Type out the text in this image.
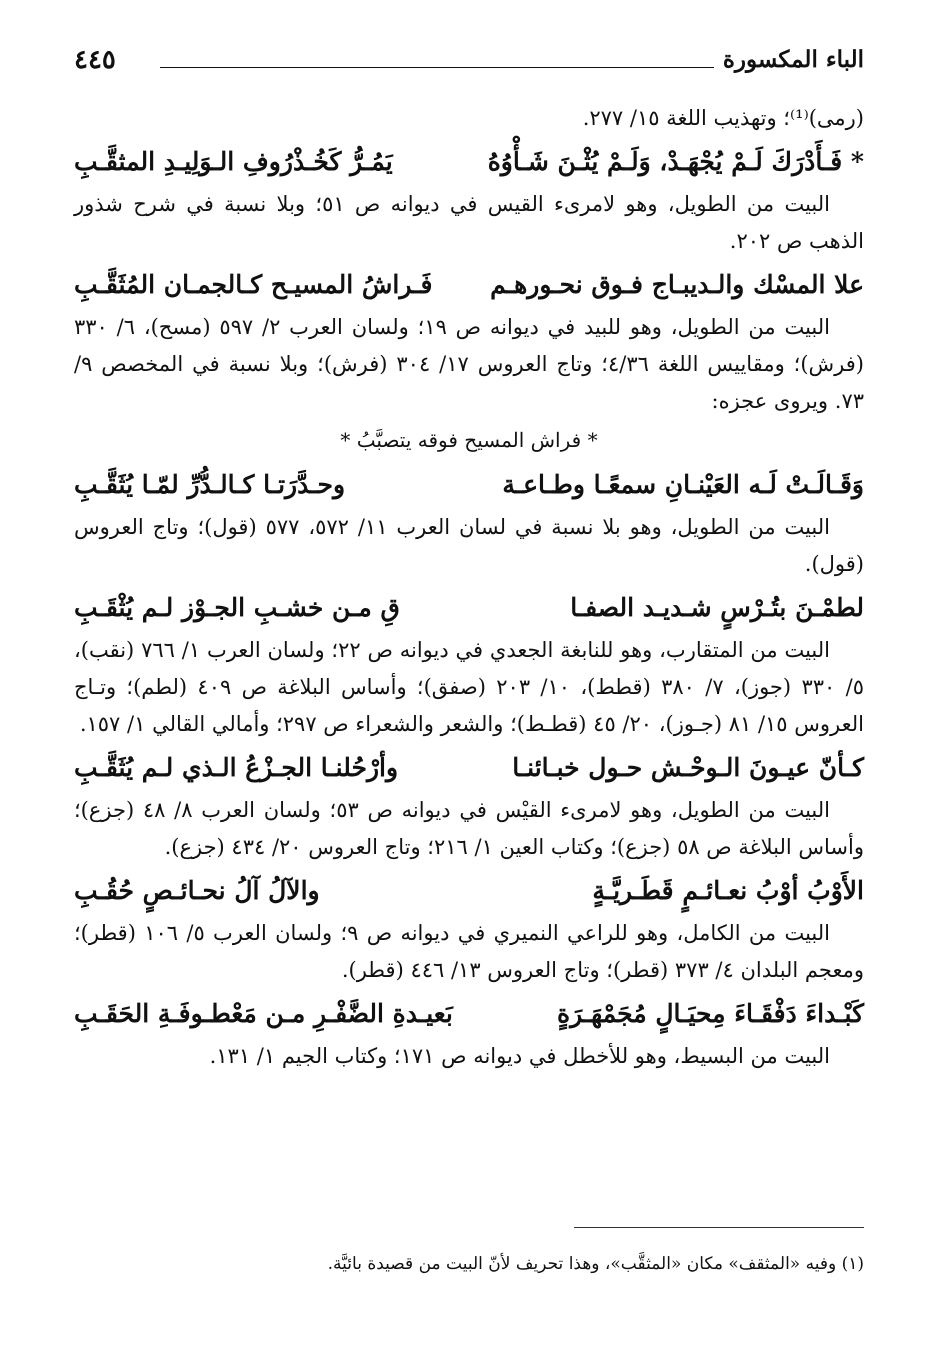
الباء المكسورة
٤٤٥

(رمى)⁽¹⁾؛ وتهذيب اللغة ١٥/ ٢٧٧.

* فَـأَدْرَكَ لَـمْ يُجْهَـدْ، وَلَـمْ يُثْـنَ شَـأْوُهُ
يَمُـرُّ كَخُـذْرُوفِ الـوَلِيـدِ المثقَّـبِ

البيت من الطويل، وهو لامرىء القيس في ديوانه ص ٥١؛ وبلا نسبة في شرح شذور الذهب ص ٢٠٢.

علا المسْك والـديبـاج فـوق نحـورهـم
فَـراشُ المسيـح كـالجمـان المُثَقَّـبِ

البيت من الطويل، وهو للبيد في ديوانه ص ١٩؛ ولسان العرب ٢/ ٥٩٧ (مسح)، ٦/ ٣٣٠ (فرش)؛ ومقاييس اللغة ٤/٣٦؛ وتاج العروس ١٧/ ٣٠٤ (فرش)؛ وبلا نسبة في المخصص ٩/ ٧٣. ويروى عجزه:

* فراش المسيح فوقه يتصبَّبُ *

وَقَـالَـتْ لَـه العَيْنـانِ سمعًـا وطـاعـة
وحـدَّرَتـا كـالـدُّرِّ لمّـا يُثَقَّـبِ

البيت من الطويل، وهو بلا نسبة في لسان العرب ١١/ ٥٧٢، ٥٧٧ (قول)؛ وتاج العروس (قول).

لطمْـنَ بتُـرْسٍ شـديـد الصفـا
قِ مـن خشـبِ الجـوْز لـم يُثْقَـبِ

البيت من المتقارب، وهو للنابغة الجعدي في ديوانه ص ٢٢؛ ولسان العرب ١/ ٧٦٦ (نقب)، ٥/ ٣٣٠ (جوز)، ٧/ ٣٨٠ (قطط)، ١٠/ ٢٠٣ (صفق)؛ وأساس البلاغة ص ٤٠٩ (لطم)؛ وتـاج العروس ١٥/ ٨١ (جـوز)، ٢٠/ ٤٥ (قطـط)؛ والشعر والشعراء ص ٢٩٧؛ وأمالي القالي ١/ ١٥٧.

كـأنّ عيـونَ الـوحْـش حـول خبـائنـا
وأرْحُلنـا الجـزْعُ الـذي لـم يُثَقَّـبِ

البيت من الطويل، وهو لامرىء القيْس في ديوانه ص ٥٣؛ ولسان العرب ٨/ ٤٨ (جزع)؛ وأساس البلاغة ص ٥٨ (جزع)؛ وكتاب العين ١/ ٢١٦؛ وتاج العروس ٢٠/ ٤٣٤ (جزع).

الأَوْبُ أوْبُ نعـائـمٍ قَطَـريَّـةٍ
والآلُ آلُ نحـائـصٍ حُقُـبِ

البيت من الكامل، وهو للراعي النميري في ديوانه ص ٩؛ ولسان العرب ٥/ ١٠٦ (قطر)؛ ومعجم البلدان ٤/ ٣٧٣ (قطر)؛ وتاج العروس ١٣/ ٤٤٦ (قطر).

كَبْـداءَ دَفْقَـاءَ مِحيَـالٍ مُجَمْهَـرَةٍ
بَعيـدةِ الضَّفْـرِ مـن مَعْطـوفَـةِ الحَقَـبِ

البيت من البسيط، وهو للأخطل في ديوانه ص ١٧١؛ وكتاب الجيم ١/ ١٣١.

(١) وفيه «المثقف» مكان «المثقَّب»، وهذا تحريف لأنّ البيت من قصيدة بائيَّة.
